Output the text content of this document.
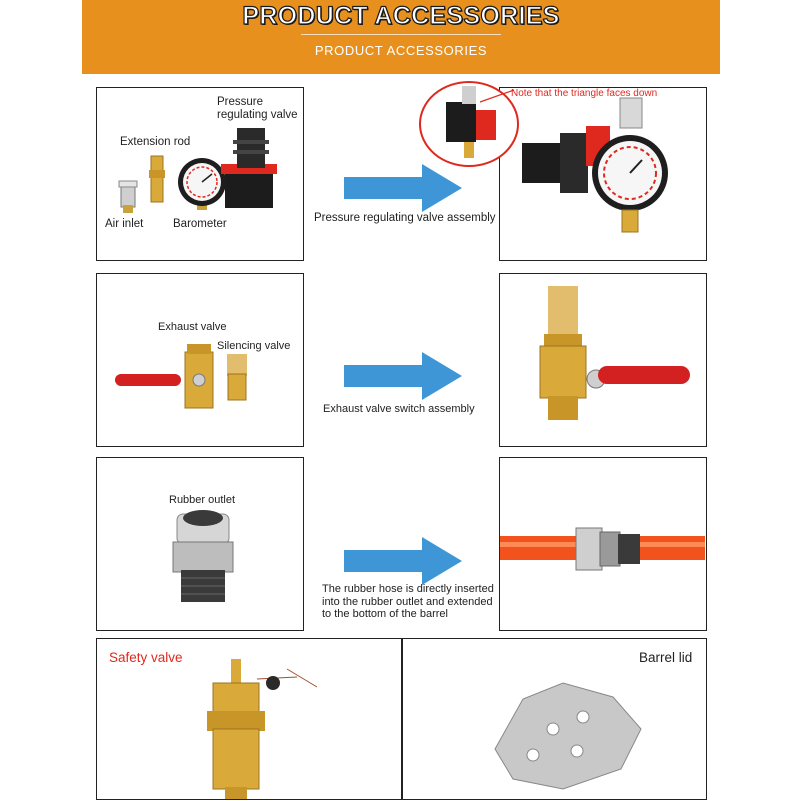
PRODUCT ACCESSORIES
PRODUCT ACCESSORIES
Pressure
regulating valve
Extension rod
Air inlet	Barometer	Pressure regulating valve assembly
Note that the triangle faces down
Exhaust valve
Silencing valve
Exhaust valve switch assembly
Rubber outlet
The rubber hose is directly inserted
into the rubber outlet and extended
to the bottom of the barrel
Safety valve	Barrel lid
